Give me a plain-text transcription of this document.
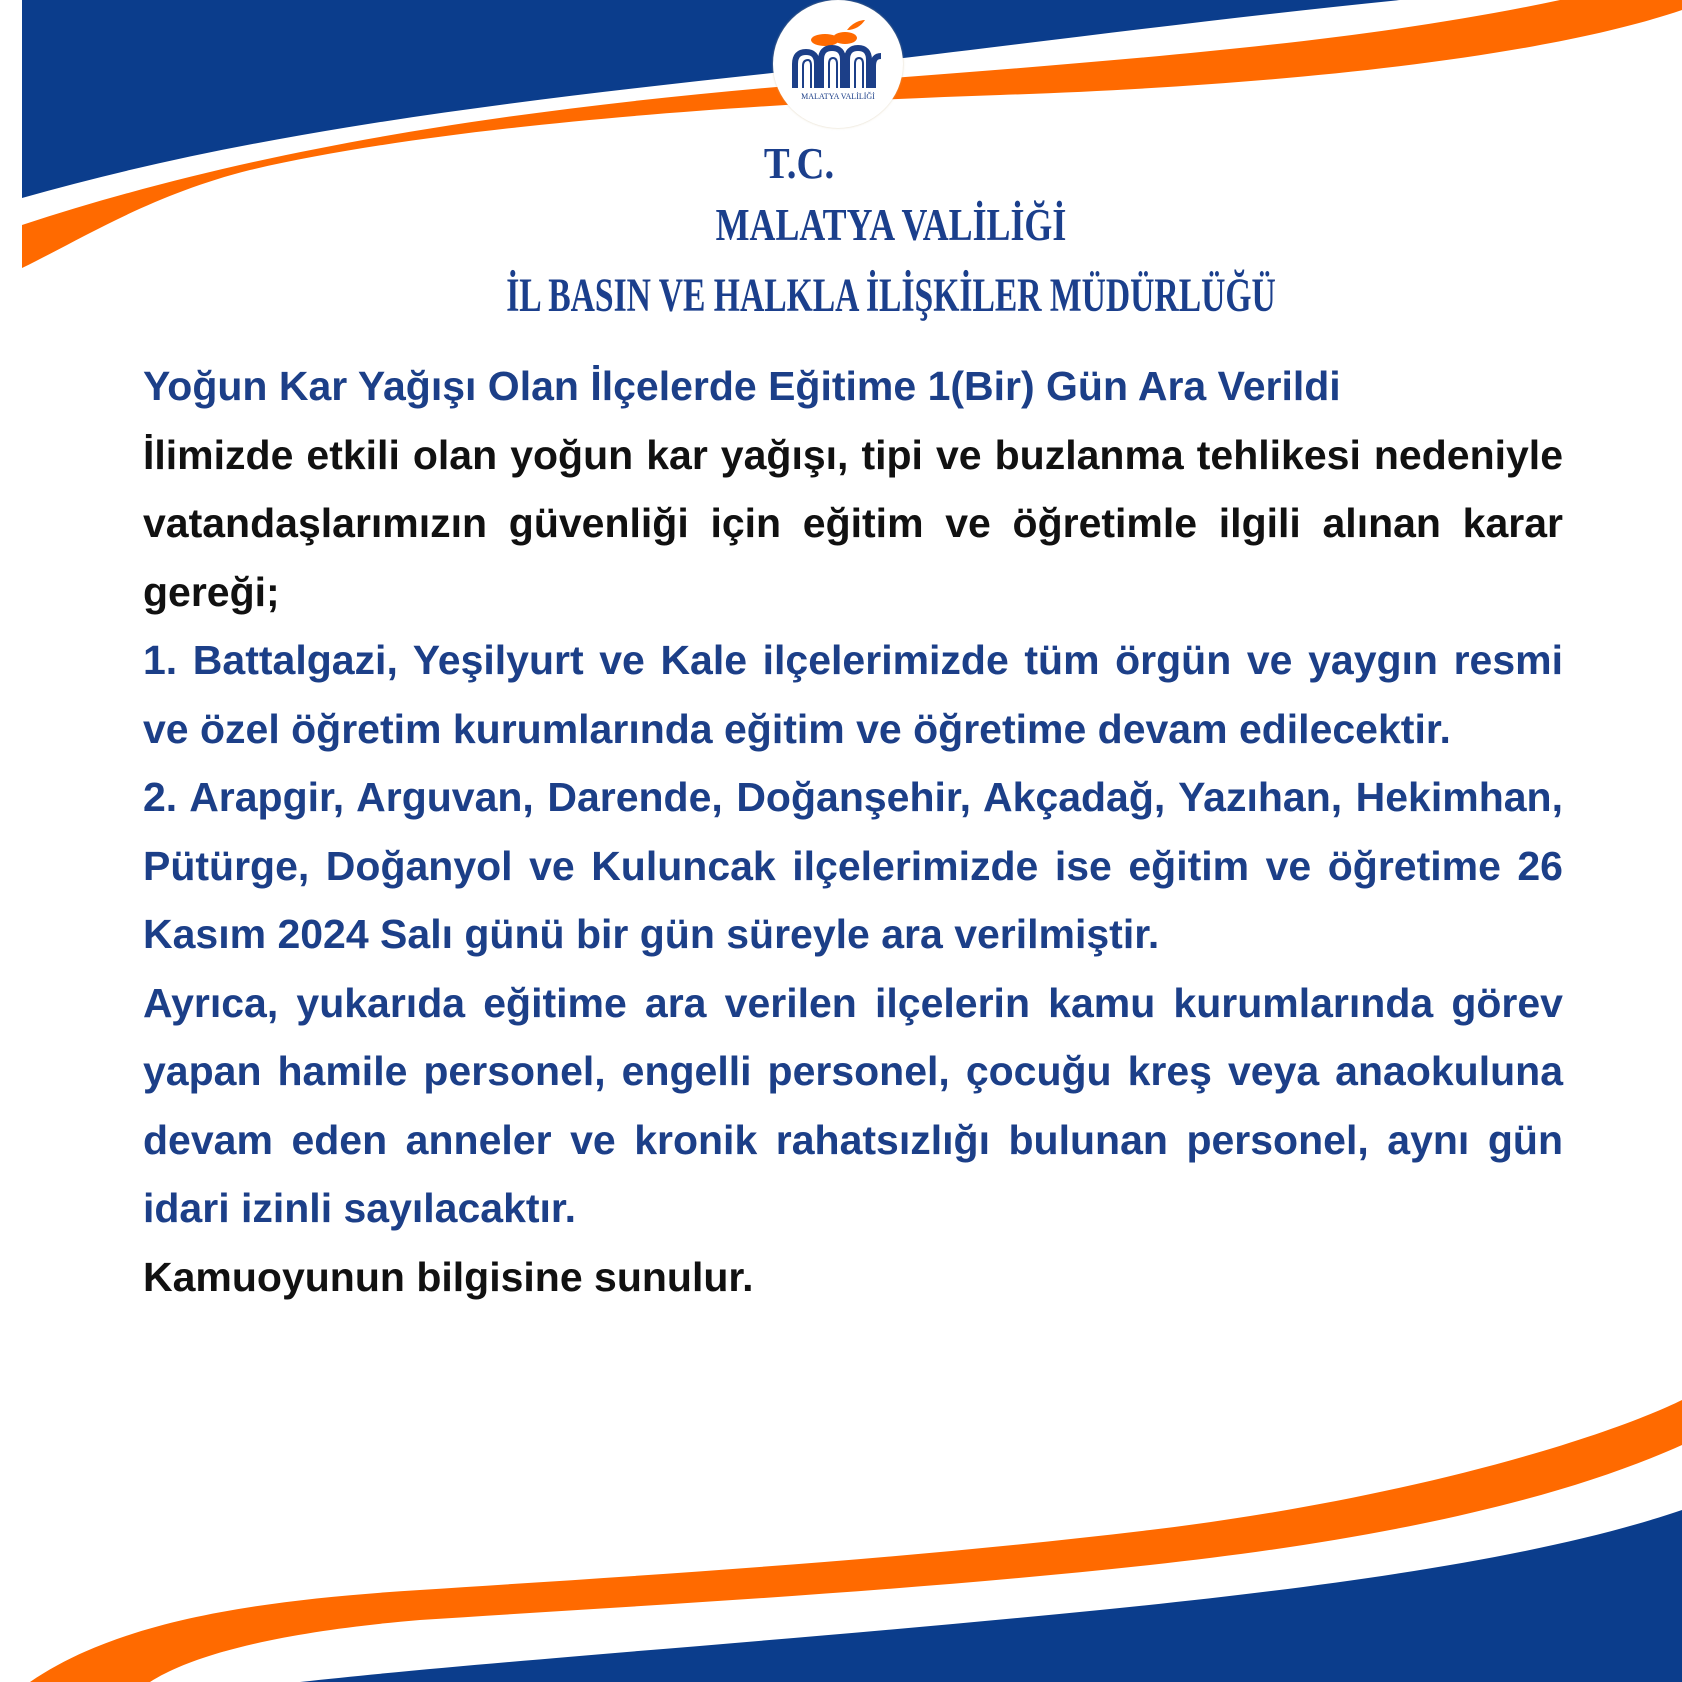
MALATYA VALİLİĞİ
T.C.
MALATYA VALİLİĞİ
İL BASIN VE HALKLA İLİŞKİLER MÜDÜRLÜĞÜ

Yoğun Kar Yağışı Olan İlçelerde Eğitime 1(Bir) Gün Ara Verildi

İlimizde etkili olan yoğun kar yağışı, tipi ve buzlanma tehlikesi nedeniyle vatandaşlarımızın güvenliği için eğitim ve öğretimle ilgili alınan karar gereği;

1. Battalgazi, Yeşilyurt ve Kale ilçelerimizde tüm örgün ve yaygın resmi ve özel öğretim kurumlarında eğitim ve öğretime devam edilecektir.

2. Arapgir, Arguvan, Darende, Doğanşehir, Akçadağ, Yazıhan, Hekimhan, Pütürge, Doğanyol ve Kuluncak ilçelerimizde ise eğitim ve öğretime 26 Kasım 2024 Salı günü bir gün süreyle ara verilmiştir.

Ayrıca, yukarıda eğitime ara verilen ilçelerin kamu kurumlarında görev yapan hamile personel, engelli personel, çocuğu kreş veya anaokuluna devam eden anneler ve kronik rahatsızlığı bulunan personel, aynı gün idari izinli sayılacaktır.

Kamuoyunun bilgisine sunulur.
